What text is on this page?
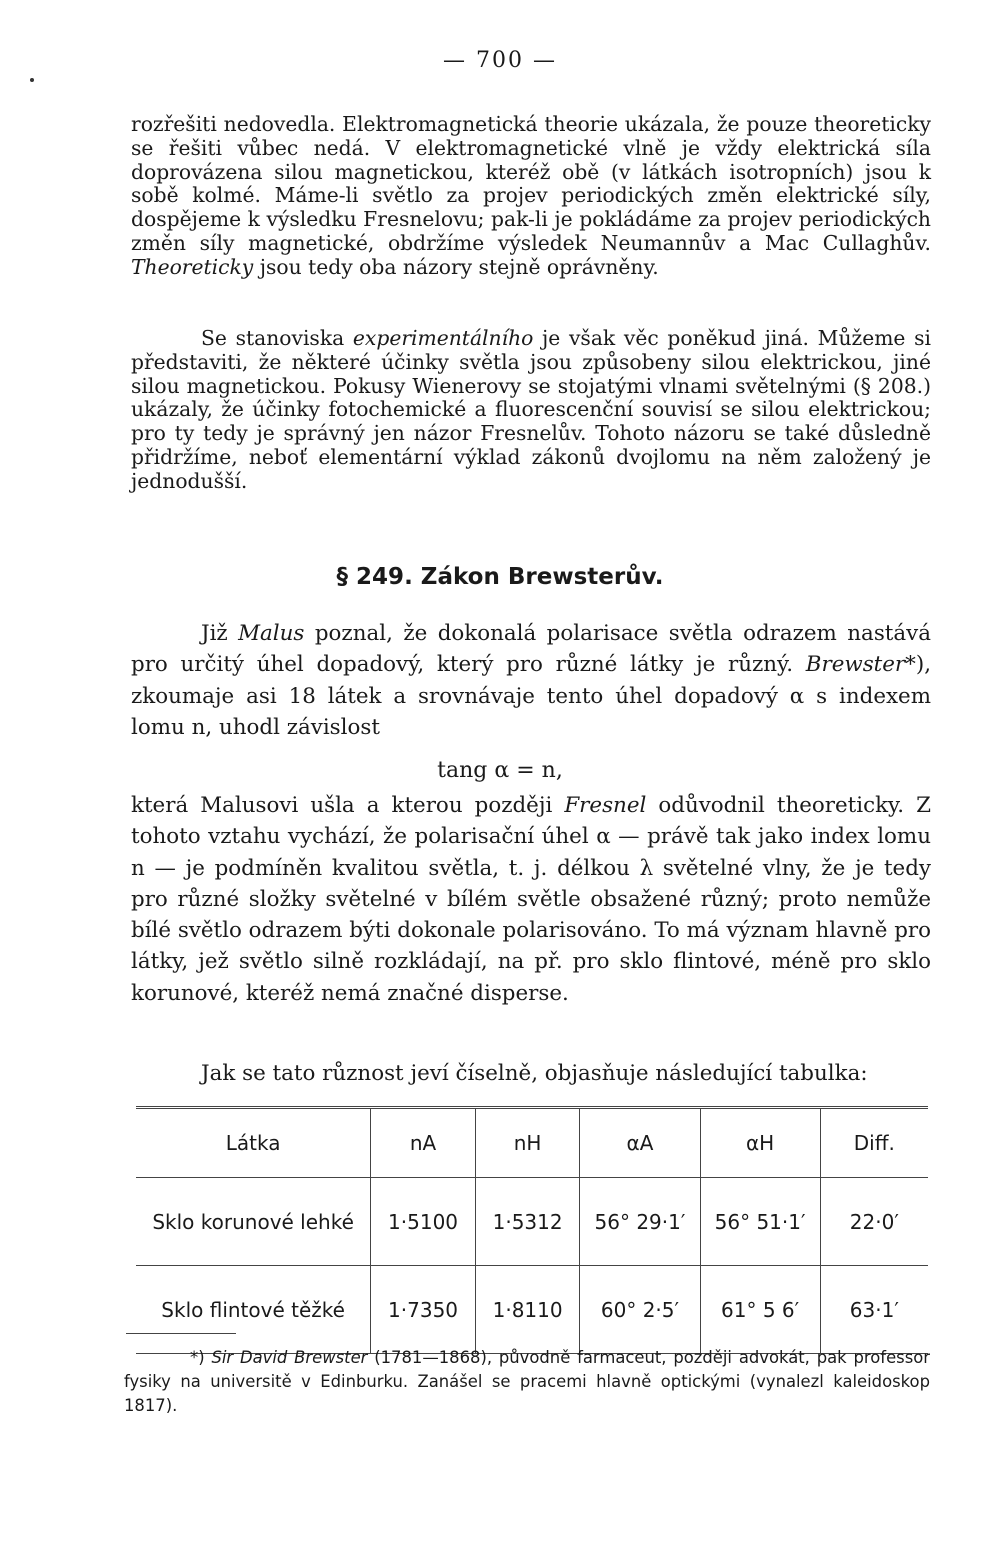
— 700 —

rozřešiti nedovedla. Elektromagnetická theorie ukázala, že pouze theoreticky se řešiti vůbec nedá. V elektromagnetické vlně je vždy elektrická síla doprovázena silou magnetickou, kteréž obě (v látkách isotropních) jsou k sobě kolmé. Máme-li světlo za projev periodických změn elektrické síly, dospějeme k výsledku Fresnelovu; pak-li je pokládáme za projev periodických změn síly magnetické, obdržíme výsledek Neumannův a Mac Cullaghův. Theoreticky jsou tedy oba názory stejně oprávněny.

Se stanoviska experimentálního je však věc poněkud jiná. Můžeme si představiti, že některé účinky světla jsou způsobeny silou elektrickou, jiné silou magnetickou. Pokusy Wienerovy se stojatými vlnami světelnými (§ 208.) ukázaly, že účinky fotochemické a fluorescenční souvisí se silou elektrickou; pro ty tedy je správný jen názor Fresnelův. Tohoto názoru se také důsledně přidržíme, neboť elementární výklad zákonů dvojlomu na něm založený je jednodušší.

§ 249. Zákon Brewsterův.

Již Malus poznal, že dokonalá polarisace světla odrazem nastává pro určitý úhel dopadový, který pro různé látky je různý. Brewster*), zkoumaje asi 18 látek a srovnávaje tento úhel dopadový α s indexem lomu n, uhodl závislost

tang α = n,

která Malusovi ušla a kterou později Fresnel odůvodnil theoreticky. Z tohoto vztahu vychází, že polarisační úhel α — právě tak jako index lomu n — je podmíněn kvalitou světla, t. j. délkou λ světelné vlny, že je tedy pro různé složky světelné v bílém světle obsažené různý; proto nemůže bílé světlo odrazem býti dokonale polarisováno. To má význam hlavně pro látky, jež světlo silně rozkládají, na př. pro sklo flintové, méně pro sklo korunové, kteréž nemá značné disperse.

Jak se tato různost jeví číselně, objasňuje následující tabulka:

Látka	nA	nH	αA	αH	Diff.
Sklo korunové lehké	1·5100	1·5312	56° 29·1′	56° 51·1′	22·0′
Sklo flintové těžké	1·7350	1·8110	60° 2·5′	61° 5 6′	63·1′

*) Sir David Brewster (1781—1868), původně farmaceut, později advokát, pak professor fysiky na universitě v Edinburku. Zanášel se pracemi hlavně optickými (vynalezl kaleidoskop 1817).
